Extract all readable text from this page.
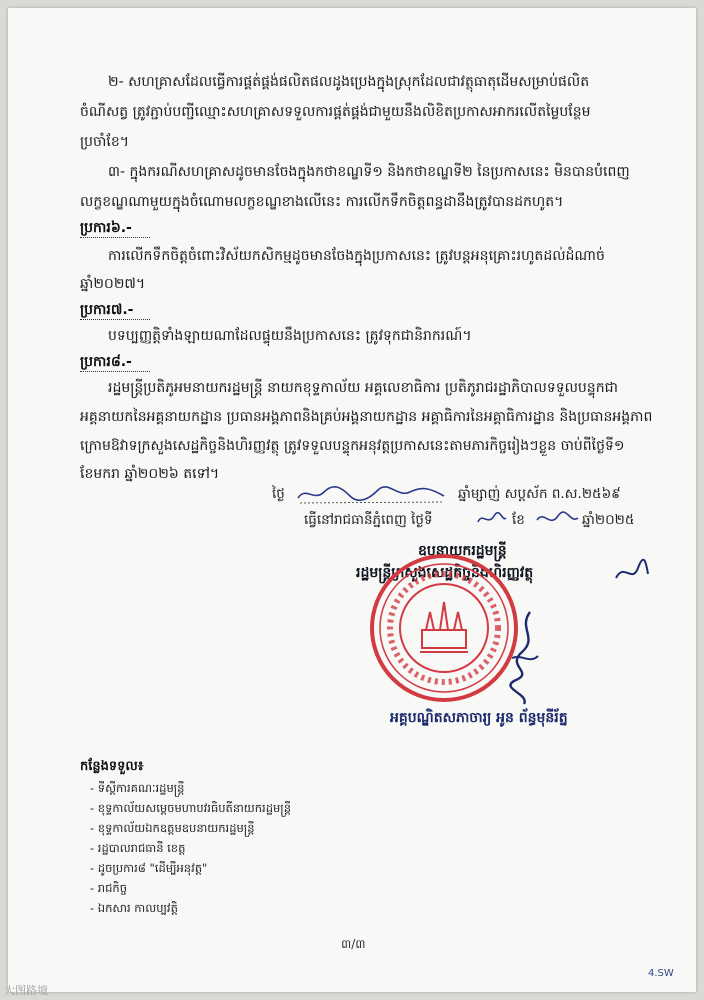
២- សហគ្រាសដែលធ្វើការផ្គត់ផ្គង់ផលិតផលដូងប្រេងក្នុងស្រុកដែលជាវត្ថុធាតុដើមសម្រាប់ផលិត
ចំណីសត្វ ត្រូវភ្ជាប់បញ្ជីឈ្មោះសហគ្រាសទទួលការផ្គត់ផ្គង់ជាមួយនឹងលិខិតប្រកាសអាករលើតម្លៃបន្ថែម
ប្រចាំខែ។
៣- ក្នុងករណីសហគ្រាសដូចមានចែងក្នុងកថាខណ្ឌទី១ និងកថាខណ្ឌទី២ នៃប្រកាសនេះ មិនបានបំពេញ
លក្ខខណ្ឌណាមួយក្នុងចំណោមលក្ខខណ្ឌខាងលើនេះ ការលើកទឹកចិត្តពន្ធដានឹងត្រូវបានដកហូត។
ប្រការ៦.-
ការលើកទឹកចិត្តចំពោះវិស័យកសិកម្មដូចមានចែងក្នុងប្រកាសនេះ ត្រូវបន្តអនុគ្រោះរហូតដល់ដំណាច់
ឆ្នាំ២០២៧។
ប្រការ៧.-
បទប្បញ្ញត្តិទាំងឡាយណាដែលផ្ទុយនឹងប្រកាសនេះ ត្រូវទុកជានិរាករណ៍។
ប្រការ៨.-
រដ្ឋមន្ត្រីប្រតិភូអមនាយករដ្ឋមន្ត្រី នាយកខុទ្ទកាល័យ អគ្គលេខាធិការ ប្រតិភូរាជរដ្ឋាភិបាលទទួលបន្ទុកជា
អគ្គនាយកនៃអគ្គនាយកដ្ឋាន ប្រធានអង្គភាពនិងគ្រប់អង្គនាយកដ្ឋាន អគ្គាធិការនៃអគ្គាធិការដ្ឋាន និងប្រធានអង្គភាព
ក្រោមឱវាទក្រសួងសេដ្ឋកិច្ចនិងហិរញ្ញវត្ថុ ត្រូវទទួលបន្ទុកអនុវត្តប្រកាសនេះតាមភារកិច្ចរៀងៗខ្លួន ចាប់ពីថ្ងៃទី១
ខែមករា ឆ្នាំ២០២៦ តទៅ។
ថ្ងៃ	ឆ្នាំម្សាញ់ សប្តស័ក ព.ស.២៥៦៩
ធ្វើនៅរាជធានីភ្នំពេញ ថ្ងៃទី	ខែ	ឆ្នាំ២០២៥
ឧបនាយករដ្ឋមន្ត្រី
រដ្ឋមន្ត្រីក្រសួងសេដ្ឋកិច្ចនិងហិរញ្ញវត្ថុ
អគ្គបណ្ឌិតសភាចារ្យ អូន ព័ន្ធមុនីរ័ត្ន
កន្លែងទទួល៖
- ទីស្តីការគណៈរដ្ឋមន្ត្រី
- ខុទ្ទកាល័យសម្តេចមហាបវរធិបតីនាយករដ្ឋមន្ត្រី
- ខុទ្ទកាល័យឯកឧត្តមឧបនាយករដ្ឋមន្ត្រី
- រដ្ឋបាលរាជធានី ខេត្ត
- ដូចប្រការ៨ "ដើម្បីអនុវត្ត"
- រាជកិច្ច
- ឯកសារ កាលប្បវត្តិ
៣/៣
4.SW
大图路境
